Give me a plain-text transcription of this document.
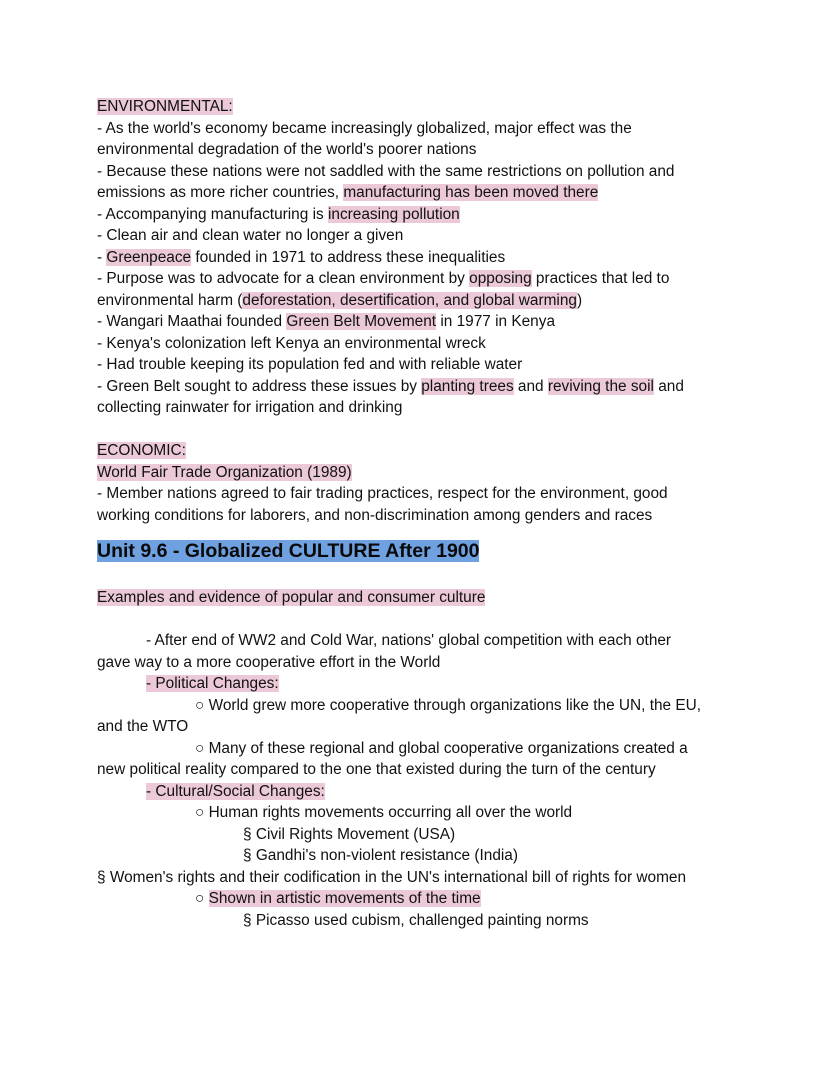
ENVIRONMENTAL:
- As the world's economy became increasingly globalized, major effect was the
environmental degradation of the world's poorer nations
- Because these nations were not saddled with the same restrictions on pollution and
emissions as more richer countries, manufacturing has been moved there
- Accompanying manufacturing is increasing pollution
- Clean air and clean water no longer a given
- Greenpeace founded in 1971 to address these inequalities
- Purpose was to advocate for a clean environment by opposing practices that led to
environmental harm (deforestation, desertification, and global warming)
- Wangari Maathai founded Green Belt Movement in 1977 in Kenya
- Kenya's colonization left Kenya an environmental wreck
- Had trouble keeping its population fed and with reliable water
- Green Belt sought to address these issues by planting trees and reviving the soil and
collecting rainwater for irrigation and drinking
ECONOMIC:
World Fair Trade Organization (1989)
- Member nations agreed to fair trading practices, respect for the environment, good
working conditions for laborers, and non-discrimination among genders and races
Unit 9.6 - Globalized CULTURE After 1900
Examples and evidence of popular and consumer culture
- After end of WW2 and Cold War, nations' global competition with each other
gave way to a more cooperative effort in the World
- Political Changes:
○ World grew more cooperative through organizations like the UN, the EU,
and the WTO
○ Many of these regional and global cooperative organizations created a
new political reality compared to the one that existed during the turn of the century
- Cultural/Social Changes:
○ Human rights movements occurring all over the world
§ Civil Rights Movement (USA)
§ Gandhi's non-violent resistance (India)
§ Women's rights and their codification in the UN's international bill of rights for women
○ Shown in artistic movements of the time
§ Picasso used cubism, challenged painting norms
